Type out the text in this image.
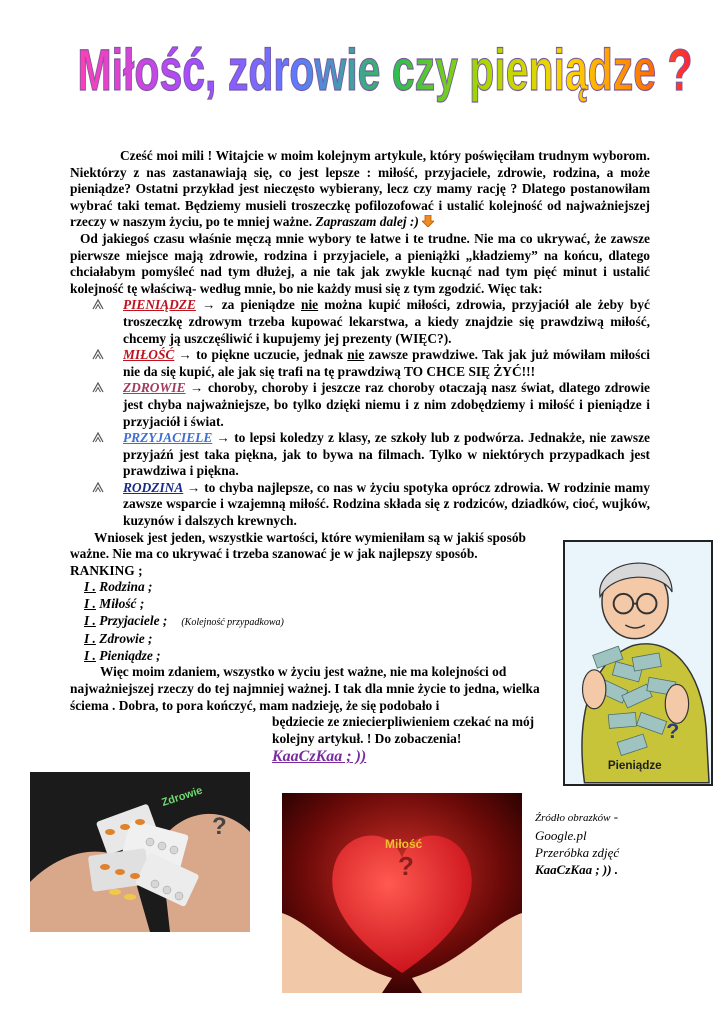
Miłość, zdrowie czy pieniądze ?

Cześć moi mili ! Witajcie w moim kolejnym artykule, który poświęciłam trudnym wyborom. Niektórzy z nas zastanawiają się, co jest lepsze : miłość, przyjaciele, zdrowie, rodzina, a może pieniądze? Ostatni przykład jest nieczęsto wybierany, lecz czy mamy rację ? Dlatego postanowiłam wybrać taki temat. Będziemy musieli troszeczkę pofilozofować i ustalić kolejność od najważniejszej rzeczy w naszym życiu, po te mniej ważne. Zapraszam dalej :)

Od jakiegoś czasu właśnie męczą mnie wybory te łatwe i te trudne. Nie ma co ukrywać, że zawsze pierwsze miejsce mają zdrowie, rodzina i przyjaciele, a pieniążki „kładziemy” na końcu, dlatego chciałabym pomyśleć nad tym dłużej, a nie tak jak zwykle kucnąć nad tym pięć minut i ustalić kolejność tę właściwą- według mnie, bo nie każdy musi się z tym zgodzić. Więc tak:

PIENIĄDZE → za pieniądze nie można kupić miłości, zdrowia, przyjaciół ale żeby być troszeczkę zdrowym trzeba kupować lekarstwa, a kiedy znajdzie się prawdziwą miłość, chcemy ją uszczęśliwić i kupujemy jej prezenty (WIĘC?).
MIŁOŚĆ → to piękne uczucie, jednak nie zawsze prawdziwe. Tak jak już mówiłam miłości nie da się kupić, ale jak się trafi na tę prawdziwą TO CHCE SIĘ ŻYĆ!!!
ZDROWIE → choroby, choroby i jeszcze raz choroby otaczają nasz świat, dlatego zdrowie jest chyba najważniejsze, bo tylko dzięki niemu i z nim zdobędziemy i miłość i pieniądze i przyjaciół i świat.
PRZYJACIELE → to lepsi koledzy z klasy, ze szkoły lub z podwórza. Jednakże, nie zawsze przyjaźń jest taka piękna, jak to bywa na filmach. Tylko w niektórych przypadkach jest prawdziwa i piękna.
RODZINA → to chyba najlepsze, co nas w życiu spotyka oprócz zdrowia. W rodzinie mamy zawsze wsparcie i wzajemną miłość. Rodzina składa się z rodziców, dziadków, cioć, wujków, kuzynów i dalszych krewnych.

Wniosek jest jeden, wszystkie wartości, które wymieniłam są w jakiś sposób ważne. Nie ma co ukrywać i trzeba szanować je w jak najlepszy sposób. RANKING ;

I . Rodzina ;
I . Miłość ;
I . Przyjaciele ; (Kolejność przypadkowa)
I . Zdrowie ;
I . Pieniądze ;

Więc moim zdaniem, wszystko w życiu jest ważne, nie ma kolejności od najważniejszej rzeczy do tej najmniej ważnej. I tak dla mnie życie to jedna, wielka ściema . Dobra, to pora kończyć, mam nadzieję, że się podobało i

będziecie ze zniecierpliwieniem czekać na mój kolejny artykuł. ! Do zobaczenia!

KaaCzKaa ; ))

?
Pieniądze
?
Zdrowie
Miłość
?
Źródło obrazków -
Google.pl
Przeróbka zdjęć
KaaCzKaa ; )) .
